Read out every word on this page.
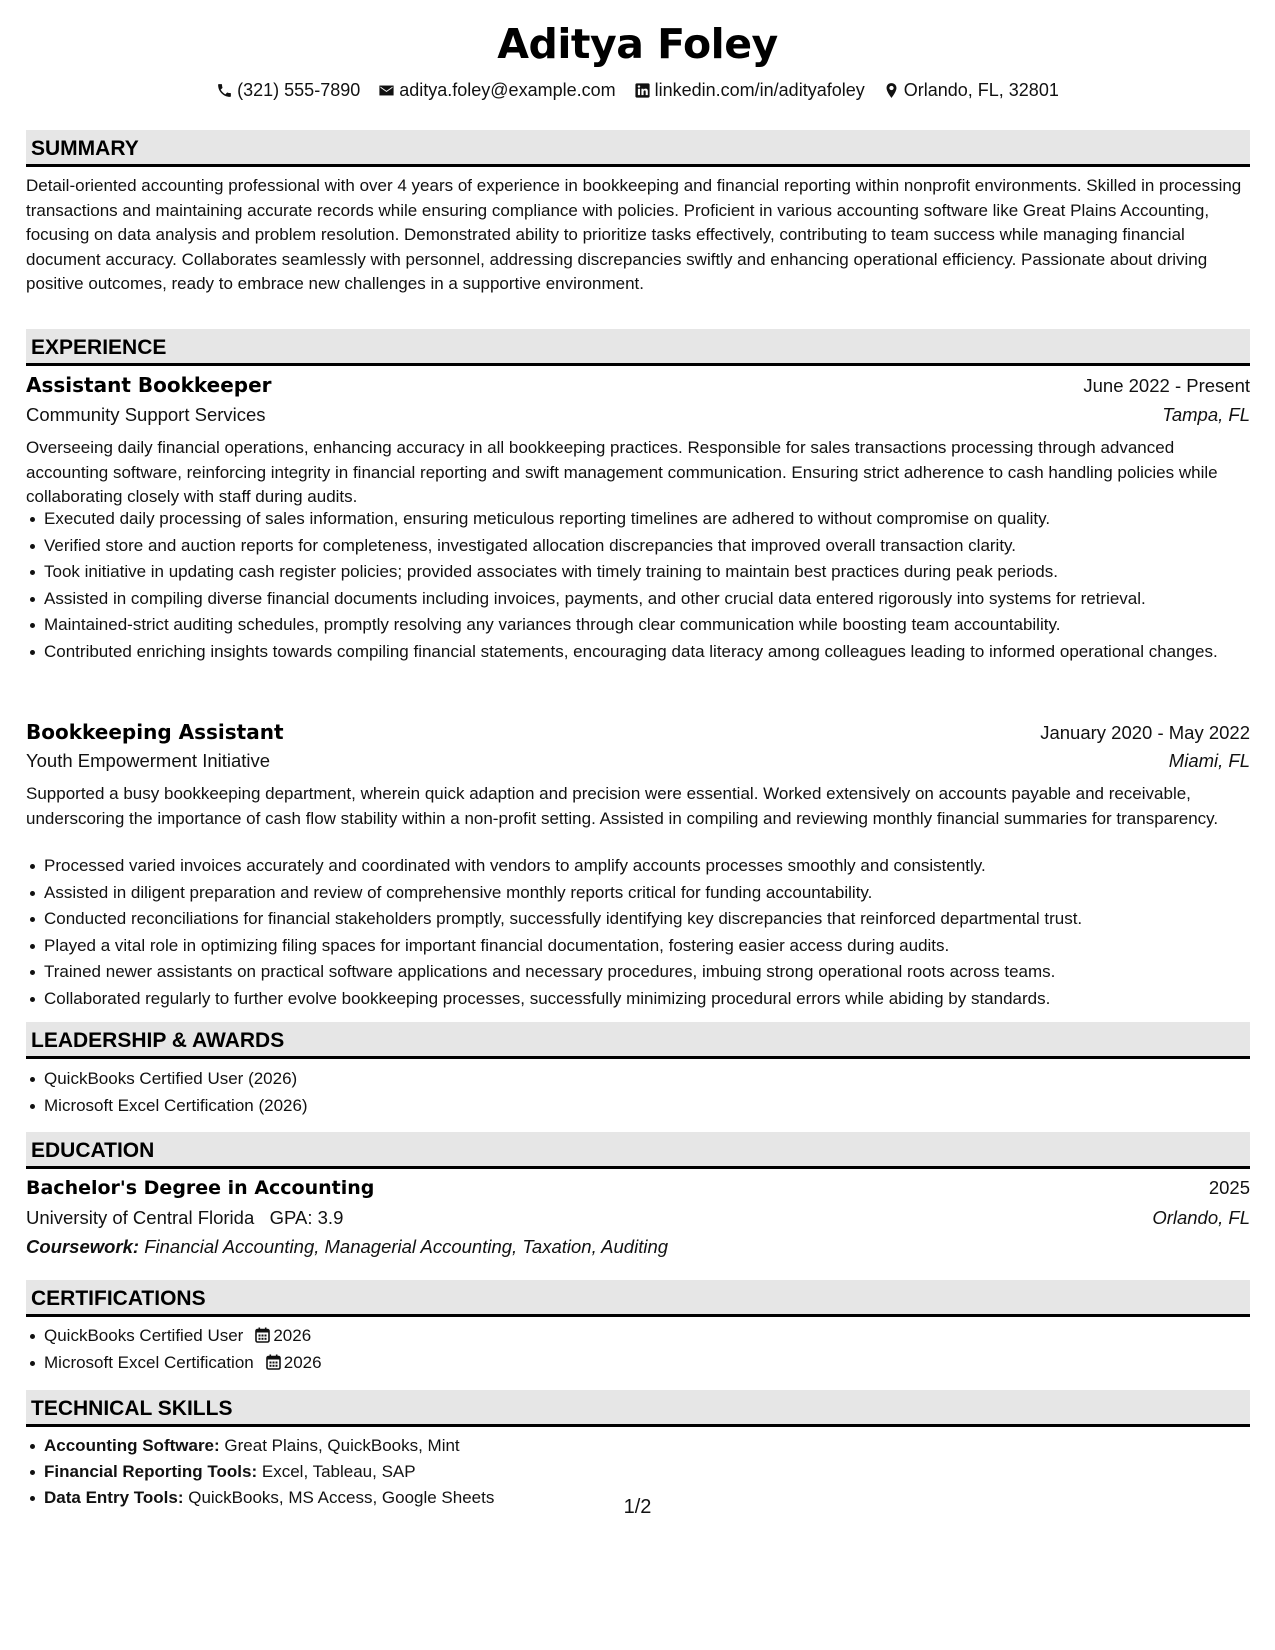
Aditya Foley
(321) 555-7890 aditya.foley@example.com linkedin.com/in/adityafoley Orlando, FL, 32801
SUMMARY

Detail-oriented accounting professional with over 4 years of experience in bookkeeping and financial reporting within nonprofit environments. Skilled in processing transactions and maintaining accurate records while ensuring compliance with policies. Proficient in various accounting software like Great Plains Accounting, focusing on data analysis and problem resolution. Demonstrated ability to prioritize tasks effectively, contributing to team success while managing financial document accuracy. Collaborates seamlessly with personnel, addressing discrepancies swiftly and enhancing operational efficiency. Passionate about driving positive outcomes, ready to embrace new challenges in a supportive environment.

EXPERIENCE
Assistant Bookkeeper	June 2022 - Present
Community Support Services	Tampa, FL

Overseeing daily financial operations, enhancing accuracy in all bookkeeping practices. Responsible for sales transactions processing through advanced accounting software, reinforcing integrity in financial reporting and swift management communication. Ensuring strict adherence to cash handling policies while collaborating closely with staff during audits.

Executed daily processing of sales information, ensuring meticulous reporting timelines are adhered to without compromise on quality.
Verified store and auction reports for completeness, investigated allocation discrepancies that improved overall transaction clarity.
Took initiative in updating cash register policies; provided associates with timely training to maintain best practices during peak periods.
Assisted in compiling diverse financial documents including invoices, payments, and other crucial data entered rigorously into systems for retrieval.
Maintained-strict auditing schedules, promptly resolving any variances through clear communication while boosting team accountability.
Contributed enriching insights towards compiling financial statements, encouraging data literacy among colleagues leading to informed operational changes.
Bookkeeping Assistant	January 2020 - May 2022
Youth Empowerment Initiative	Miami, FL

Supported a busy bookkeeping department, wherein quick adaption and precision were essential. Worked extensively on accounts payable and receivable, underscoring the importance of cash flow stability within a non-profit setting. Assisted in compiling and reviewing monthly financial summaries for transparency.

Processed varied invoices accurately and coordinated with vendors to amplify accounts processes smoothly and consistently.
Assisted in diligent preparation and review of comprehensive monthly reports critical for funding accountability.
Conducted reconciliations for financial stakeholders promptly, successfully identifying key discrepancies that reinforced departmental trust.
Played a vital role in optimizing filing spaces for important financial documentation, fostering easier access during audits.
Trained newer assistants on practical software applications and necessary procedures, imbuing strong operational roots across teams.
Collaborated regularly to further evolve bookkeeping processes, successfully minimizing procedural errors while abiding by standards.
LEADERSHIP & AWARDS
QuickBooks Certified User (2026)
Microsoft Excel Certification (2026)
EDUCATION
Bachelor's Degree in Accounting	2025
University of Central Florida GPA: 3.9	Orlando, FL
Coursework: Financial Accounting, Managerial Accounting, Taxation, Auditing
CERTIFICATIONS
QuickBooks Certified User 2026
Microsoft Excel Certification 2026
TECHNICAL SKILLS
Accounting Software: Great Plains, QuickBooks, Mint
Financial Reporting Tools: Excel, Tableau, SAP
Data Entry Tools: QuickBooks, MS Access, Google Sheets	1/2
